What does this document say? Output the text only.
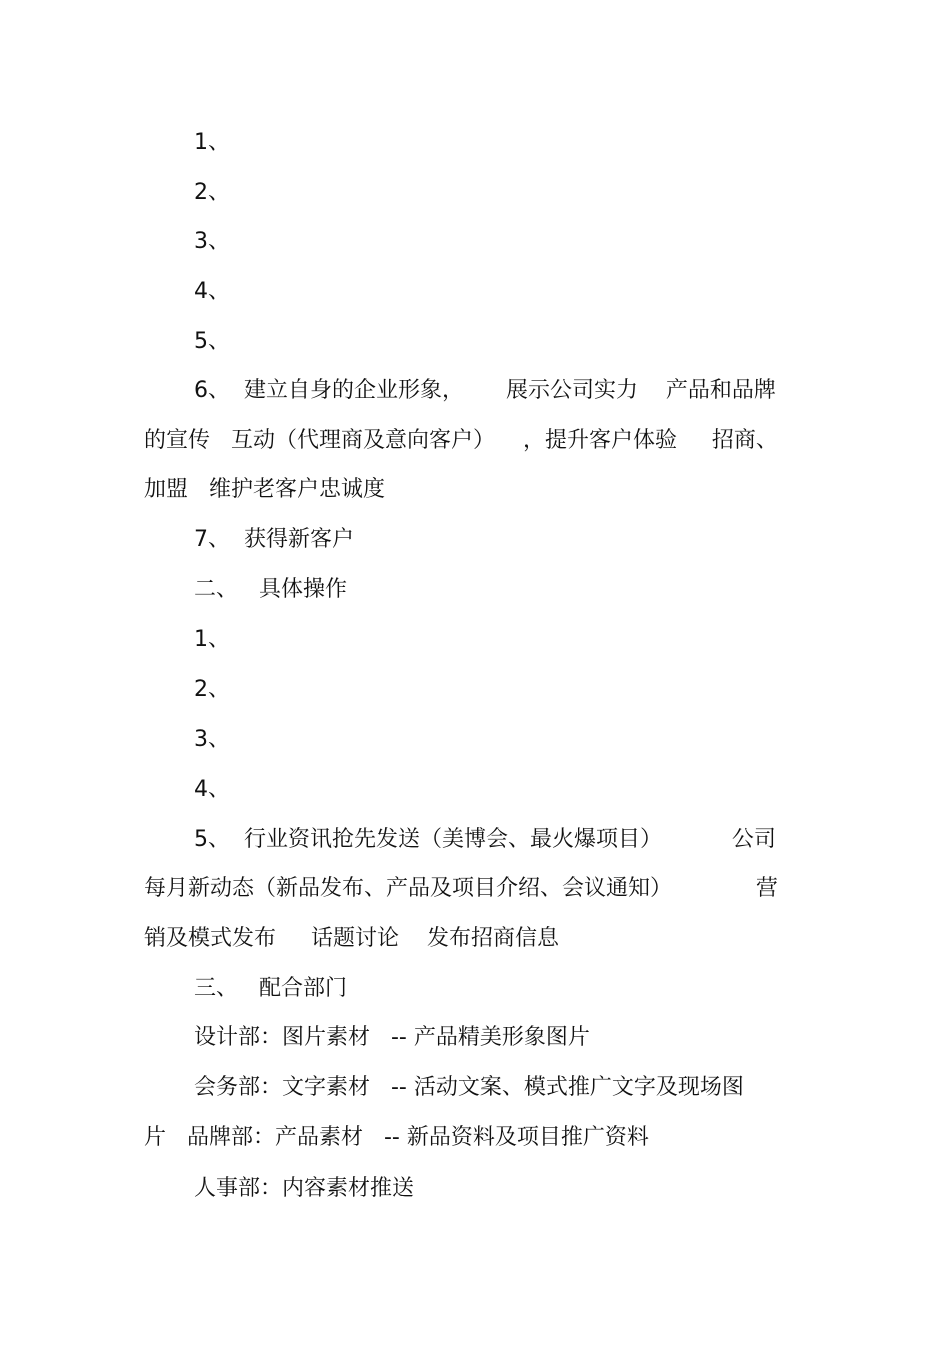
1、
2、
3、
4、
5、
6、  建立自身的企业形象，      展示公司实力    产品和品牌
的宣传   互动（代理商及意向客户）    ，提升客户体验     招商、
加盟   维护老客户忠诚度
7、  获得新客户
二、   具体操作
1、
2、
3、
4、
5、  行业资讯抢先发送（美博会、最火爆项目）          公司
每月新动态（新品发布、产品及项目介绍、会议通知）            营
销及模式发布     话题讨论    发布招商信息
三、   配合部门
设计部：图片素材   -- 产品精美形象图片
会务部：文字素材   -- 活动文案、模式推广文字及现场图
片   品牌部：产品素材   -- 新品资料及项目推广资料
人事部：内容素材推送
